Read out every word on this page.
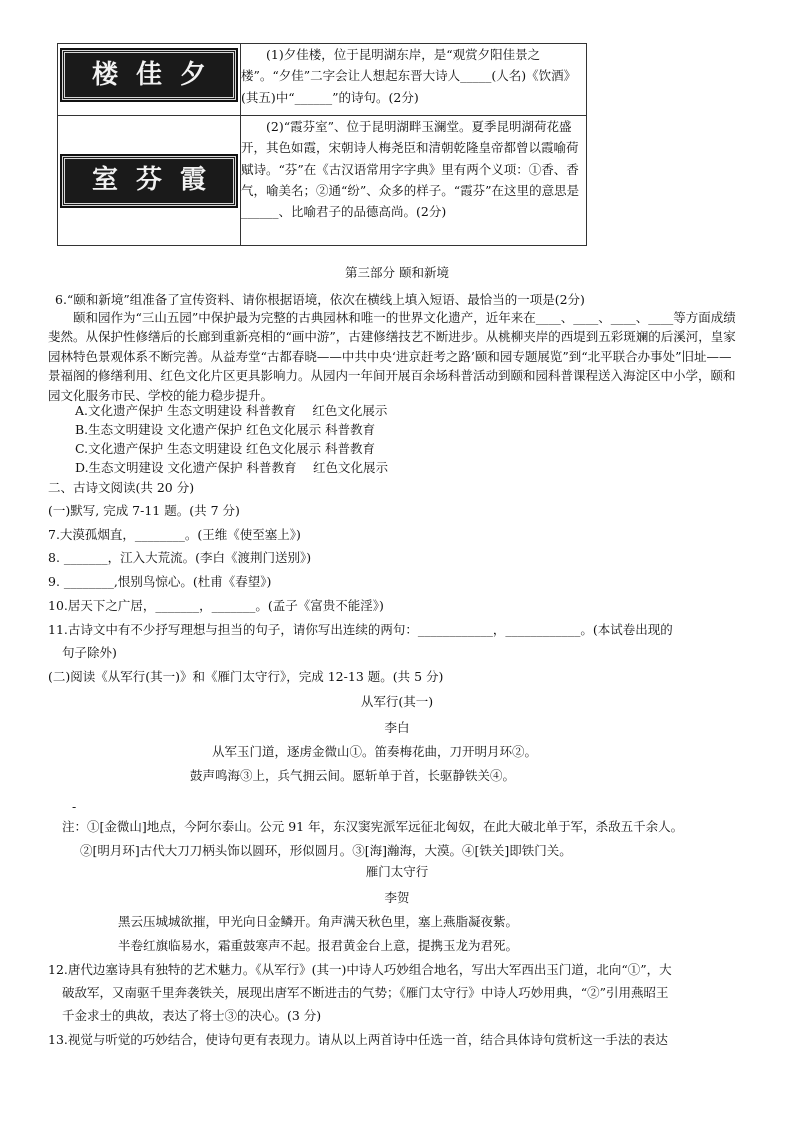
楼佳夕	(1)夕佳楼，位于昆明湖东岸，是“观赏夕阳佳景之楼”。“夕佳”二字会让人想起东晋大诗人_____(人名)《饮酒》(其五)中“______”的诗句。(2分)

室芬霞	(2)“霞芬室”、位于昆明湖畔玉澜堂。夏季昆明湖荷花盛开，其色如霞，宋朝诗人梅尧臣和清朝乾隆皇帝都曾以霞喻荷赋诗。“芬”在《古汉语常用字字典》里有两个义项：①香、香气，喻美名；②通“纷”、众多的样子。“霞芬”在这里的意思是______、比喻君子的品德高尚。(2分)
第三部分 颐和新境
6.“颐和新境”组准备了宣传资料、请你根据语境，依次在横线上填入短语、最恰当的一项是(2分)
颐和园作为“三山五园”中保护最为完整的古典园林和唯一的世界文化遗产，近年来在____、____、____、____等方面成绩斐然。从保护性修缮后的长廊到重新亮相的“画中游”，古建修缮技艺不断进步。从桃柳夹岸的西堤到五彩斑斓的后溪河，皇家园林特色景观体系不断完善。从益寿堂“古都春晓——中共中央‘进京赶考之路’颐和园专题展览”到“北平联合办事处”旧址——景福阁的修缮利用、红色文化片区更具影响力。从园内一年间开展百余场科普活动到颐和园科普课程送入海淀区中小学，颐和园文化服务市民、学校的能力稳步提升。
A.文化遗产保护 生态文明建设 科普教育　 红色文化展示
B.生态文明建设 文化遗产保护 红色文化展示 科普教育
C.文化遗产保护 生态文明建设 红色文化展示 科普教育
D.生态文明建设 文化遗产保护 科普教育　 红色文化展示
二、古诗文阅读(共 20 分)
(一)默写, 完成 7-11 题。(共 7 分)
7.大漠孤烟直，________。(王维《使至塞上》)
8. _______，江入大荒流。(李白《渡荆门送别》)
9. ________,恨别鸟惊心。(杜甫《春望》)
10.居天下之广居，_______，_______。(孟子《富贵不能淫》)
11.古诗文中有不少抒写理想与担当的句子，请你写出连续的两句：____________，____________。(本试卷出现的
句子除外)
(二)阅读《从军行(其一)》和《雁门太守行》，完成 12-13 题。(共 5 分)
从军行(其一)
李白
从军玉门道，逐虏金微山①。笛奏梅花曲，刀开明月环②。
鼓声鸣海③上，兵气拥云间。愿斩单于首，长驱静铁关④。
-
注：①[金微山]地点，今阿尔泰山。公元 91 年，东汉窦宪派军远征北匈奴，在此大破北单于军，杀敌五千余人。
②[明月环]古代大刀刀柄头饰以圆环，形似圆月。③[海]瀚海，大漠。④[铁关]即铁门关。
雁门太守行
李贺
黑云压城城欲摧，甲光向日金鳞开。角声满天秋色里，塞上燕脂凝夜紫。
半卷红旗临易水，霜重鼓寒声不起。报君黄金台上意，提携玉龙为君死。
12.唐代边塞诗具有独特的艺术魅力。《从军行》(其一)中诗人巧妙组合地名，写出大军西出玉门道，北向“①”，大
破敌军，又南驱千里奔袭铁关，展现出唐军不断进击的气势；《雁门太守行》中诗人巧妙用典，“②”引用燕昭王
千金求士的典故，表达了将士③的决心。(3 分)
13.视觉与听觉的巧妙结合，使诗句更有表现力。请从以上两首诗中任选一首，结合具体诗句赏析这一手法的表达
